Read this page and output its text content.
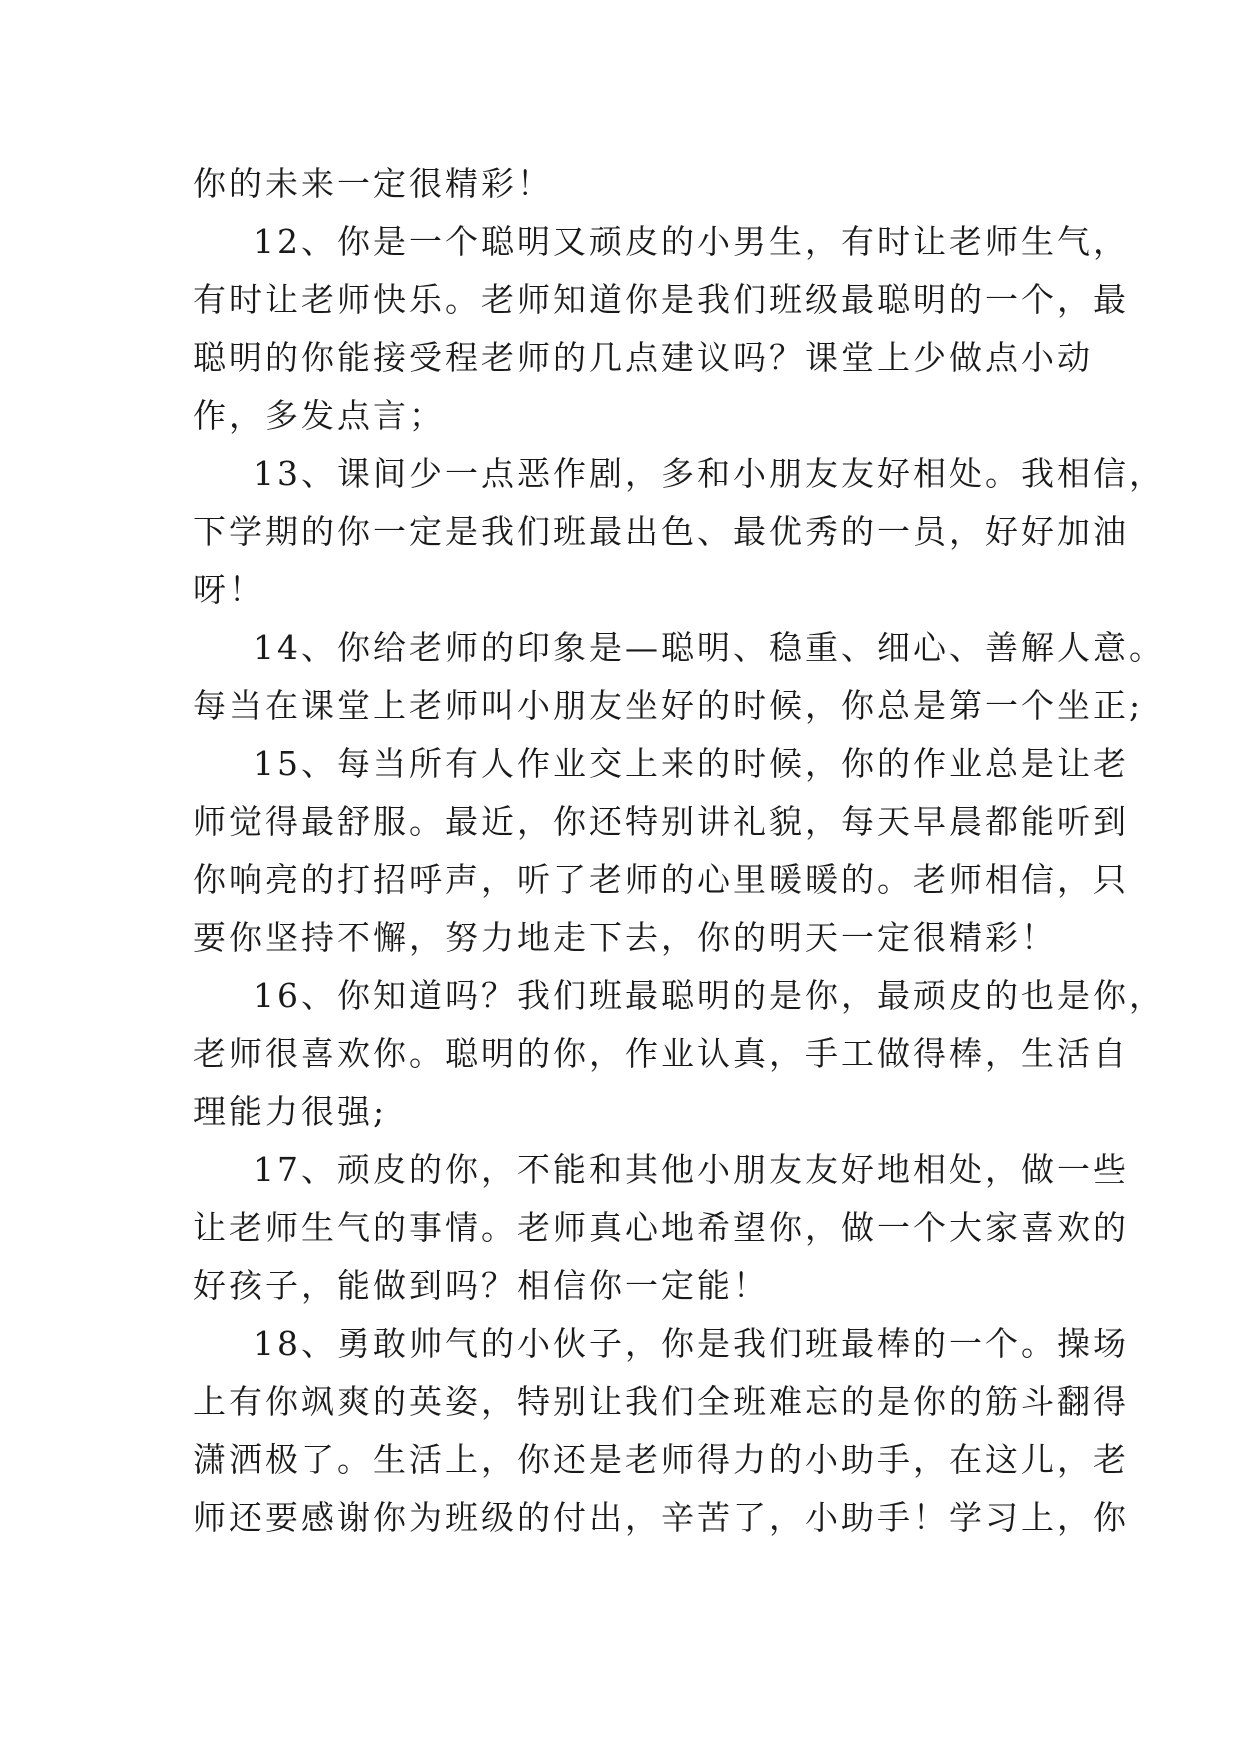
你的未来一定很精彩！
12、你是一个聪明又顽皮的小男生，有时让老师生气，
有时让老师快乐。老师知道你是我们班级最聪明的一个，最
聪明的你能接受程老师的几点建议吗？课堂上少做点小动
作，多发点言；
13、课间少一点恶作剧，多和小朋友友好相处。我相信，
下学期的你一定是我们班最出色、最优秀的一员，好好加油
呀！
14、你给老师的印象是—聪明、稳重、细心、善解人意。
每当在课堂上老师叫小朋友坐好的时候，你总是第一个坐正;
15、每当所有人作业交上来的时候，你的作业总是让老
师觉得最舒服。最近，你还特别讲礼貌，每天早晨都能听到
你响亮的打招呼声，听了老师的心里暖暖的。老师相信，只
要你坚持不懈，努力地走下去，你的明天一定很精彩！
16、你知道吗？我们班最聪明的是你，最顽皮的也是你，
老师很喜欢你。聪明的你，作业认真，手工做得棒，生活自
理能力很强;
17、顽皮的你，不能和其他小朋友友好地相处，做一些
让老师生气的事情。老师真心地希望你，做一个大家喜欢的
好孩子，能做到吗？相信你一定能！
18、勇敢帅气的小伙子，你是我们班最棒的一个。操场
上有你飒爽的英姿，特别让我们全班难忘的是你的筋斗翻得
潇洒极了。生活上，你还是老师得力的小助手，在这儿，老
师还要感谢你为班级的付出，辛苦了，小助手！学习上，你
